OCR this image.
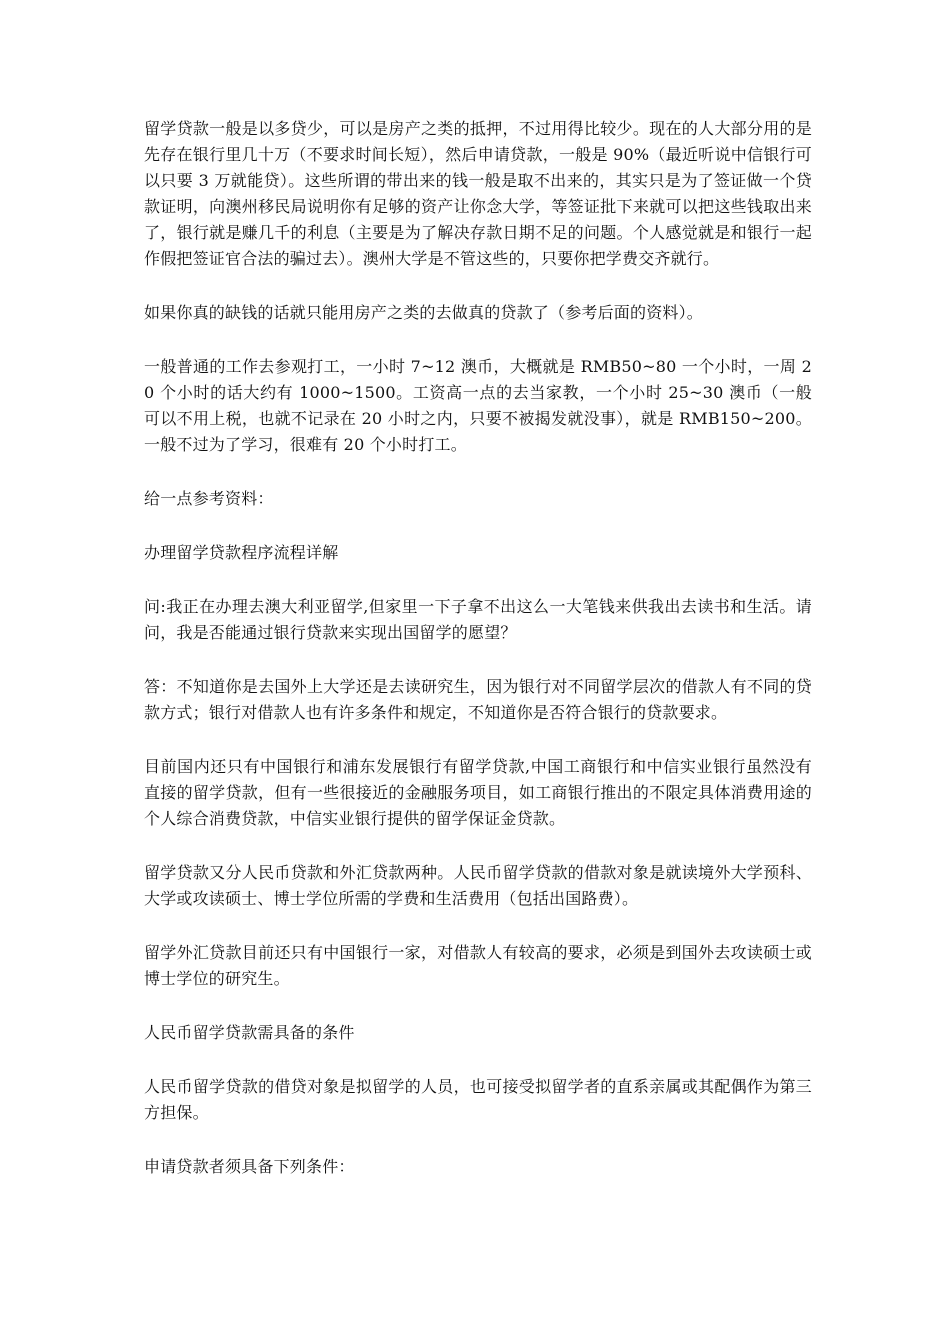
留学贷款一般是以多贷少，可以是房产之类的抵押，不过用得比较少。现在的人大部分用的是先存在银行里几十万（不要求时间长短），然后申请贷款，一般是 90%（最近听说中信银行可以只要 3 万就能贷）。这些所谓的带出来的钱一般是取不出来的，其实只是为了签证做一个贷款证明，向澳州移民局说明你有足够的资产让你念大学，等签证批下来就可以把这些钱取出来了，银行就是赚几千的利息（主要是为了解决存款日期不足的问题。个人感觉就是和银行一起作假把签证官合法的骗过去）。澳州大学是不管这些的，只要你把学费交齐就行。

如果你真的缺钱的话就只能用房产之类的去做真的贷款了（参考后面的资料）。

一般普通的工作去参观打工，一小时 7~12 澳币，大概就是 RMB50~80 一个小时，一周 20 个小时的话大约有 1000~1500。工资高一点的去当家教，一个小时 25~30 澳币（一般可以不用上税，也就不记录在 20 小时之内，只要不被揭发就没事），就是 RMB150~200。一般不过为了学习，很难有 20 个小时打工。

给一点参考资料：

办理留学贷款程序流程详解

问:我正在办理去澳大利亚留学,但家里一下子拿不出这么一大笔钱来供我出去读书和生活。请问，我是否能通过银行贷款来实现出国留学的愿望？

答：不知道你是去国外上大学还是去读研究生，因为银行对不同留学层次的借款人有不同的贷款方式；银行对借款人也有许多条件和规定，不知道你是否符合银行的贷款要求。

目前国内还只有中国银行和浦东发展银行有留学贷款,中国工商银行和中信实业银行虽然没有直接的留学贷款，但有一些很接近的金融服务项目，如工商银行推出的不限定具体消费用途的个人综合消费贷款，中信实业银行提供的留学保证金贷款。

留学贷款又分人民币贷款和外汇贷款两种。人民币留学贷款的借款对象是就读境外大学预科、大学或攻读硕士、博士学位所需的学费和生活费用（包括出国路费）。

留学外汇贷款目前还只有中国银行一家，对借款人有较高的要求，必须是到国外去攻读硕士或博士学位的研究生。

人民币留学贷款需具备的条件

人民币留学贷款的借贷对象是拟留学的人员，也可接受拟留学者的直系亲属或其配偶作为第三方担保。

申请贷款者须具备下列条件：
